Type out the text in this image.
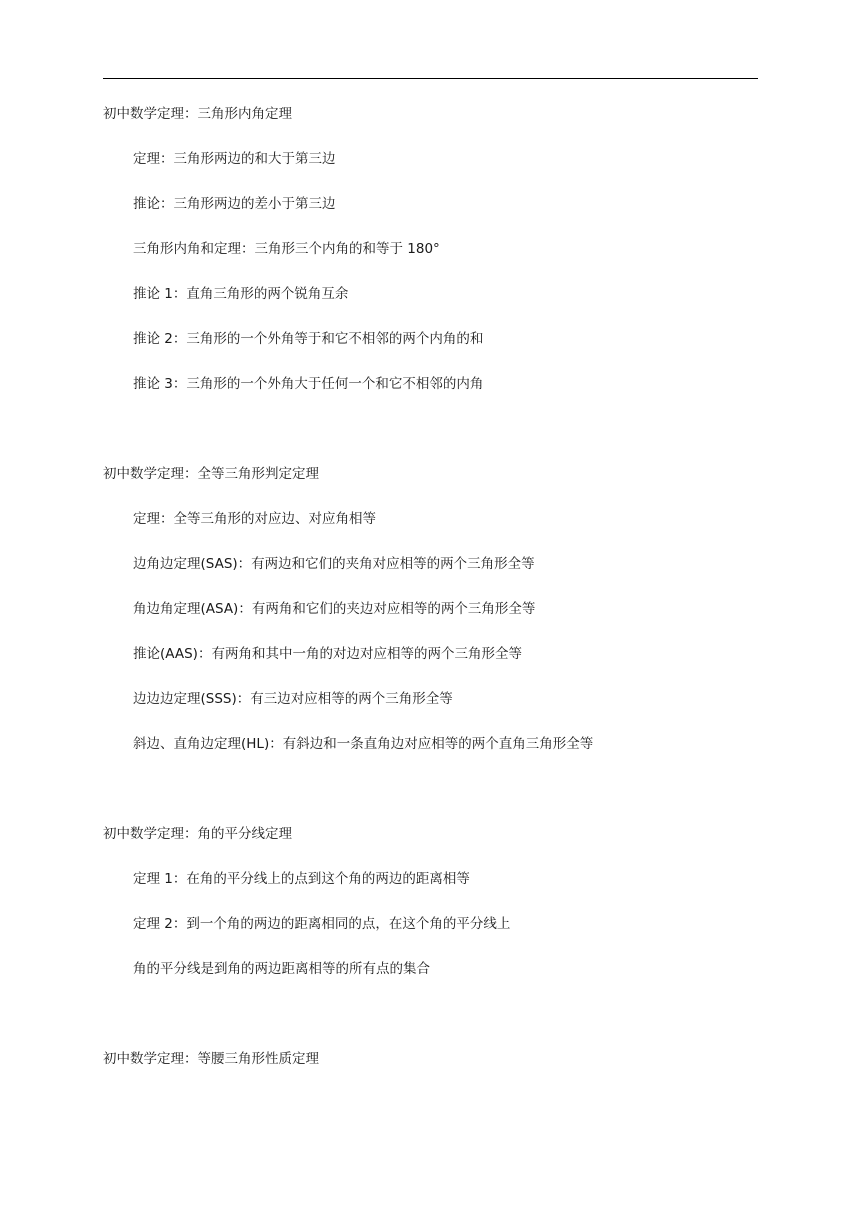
初中数学定理：三角形内角定理
定理：三角形两边的和大于第三边
推论：三角形两边的差小于第三边
三角形内角和定理：三角形三个内角的和等于 180°
推论 1：直角三角形的两个锐角互余
推论 2：三角形的一个外角等于和它不相邻的两个内角的和
推论 3：三角形的一个外角大于任何一个和它不相邻的内角
初中数学定理：全等三角形判定定理
定理：全等三角形的对应边、对应角相等
边角边定理(SAS)：有两边和它们的夹角对应相等的两个三角形全等
角边角定理(ASA)：有两角和它们的夹边对应相等的两个三角形全等
推论(AAS)：有两角和其中一角的对边对应相等的两个三角形全等
边边边定理(SSS)：有三边对应相等的两个三角形全等
斜边、直角边定理(HL)：有斜边和一条直角边对应相等的两个直角三角形全等
初中数学定理：角的平分线定理
定理 1：在角的平分线上的点到这个角的两边的距离相等
定理 2：到一个角的两边的距离相同的点，在这个角的平分线上
角的平分线是到角的两边距离相等的所有点的集合
初中数学定理：等腰三角形性质定理
